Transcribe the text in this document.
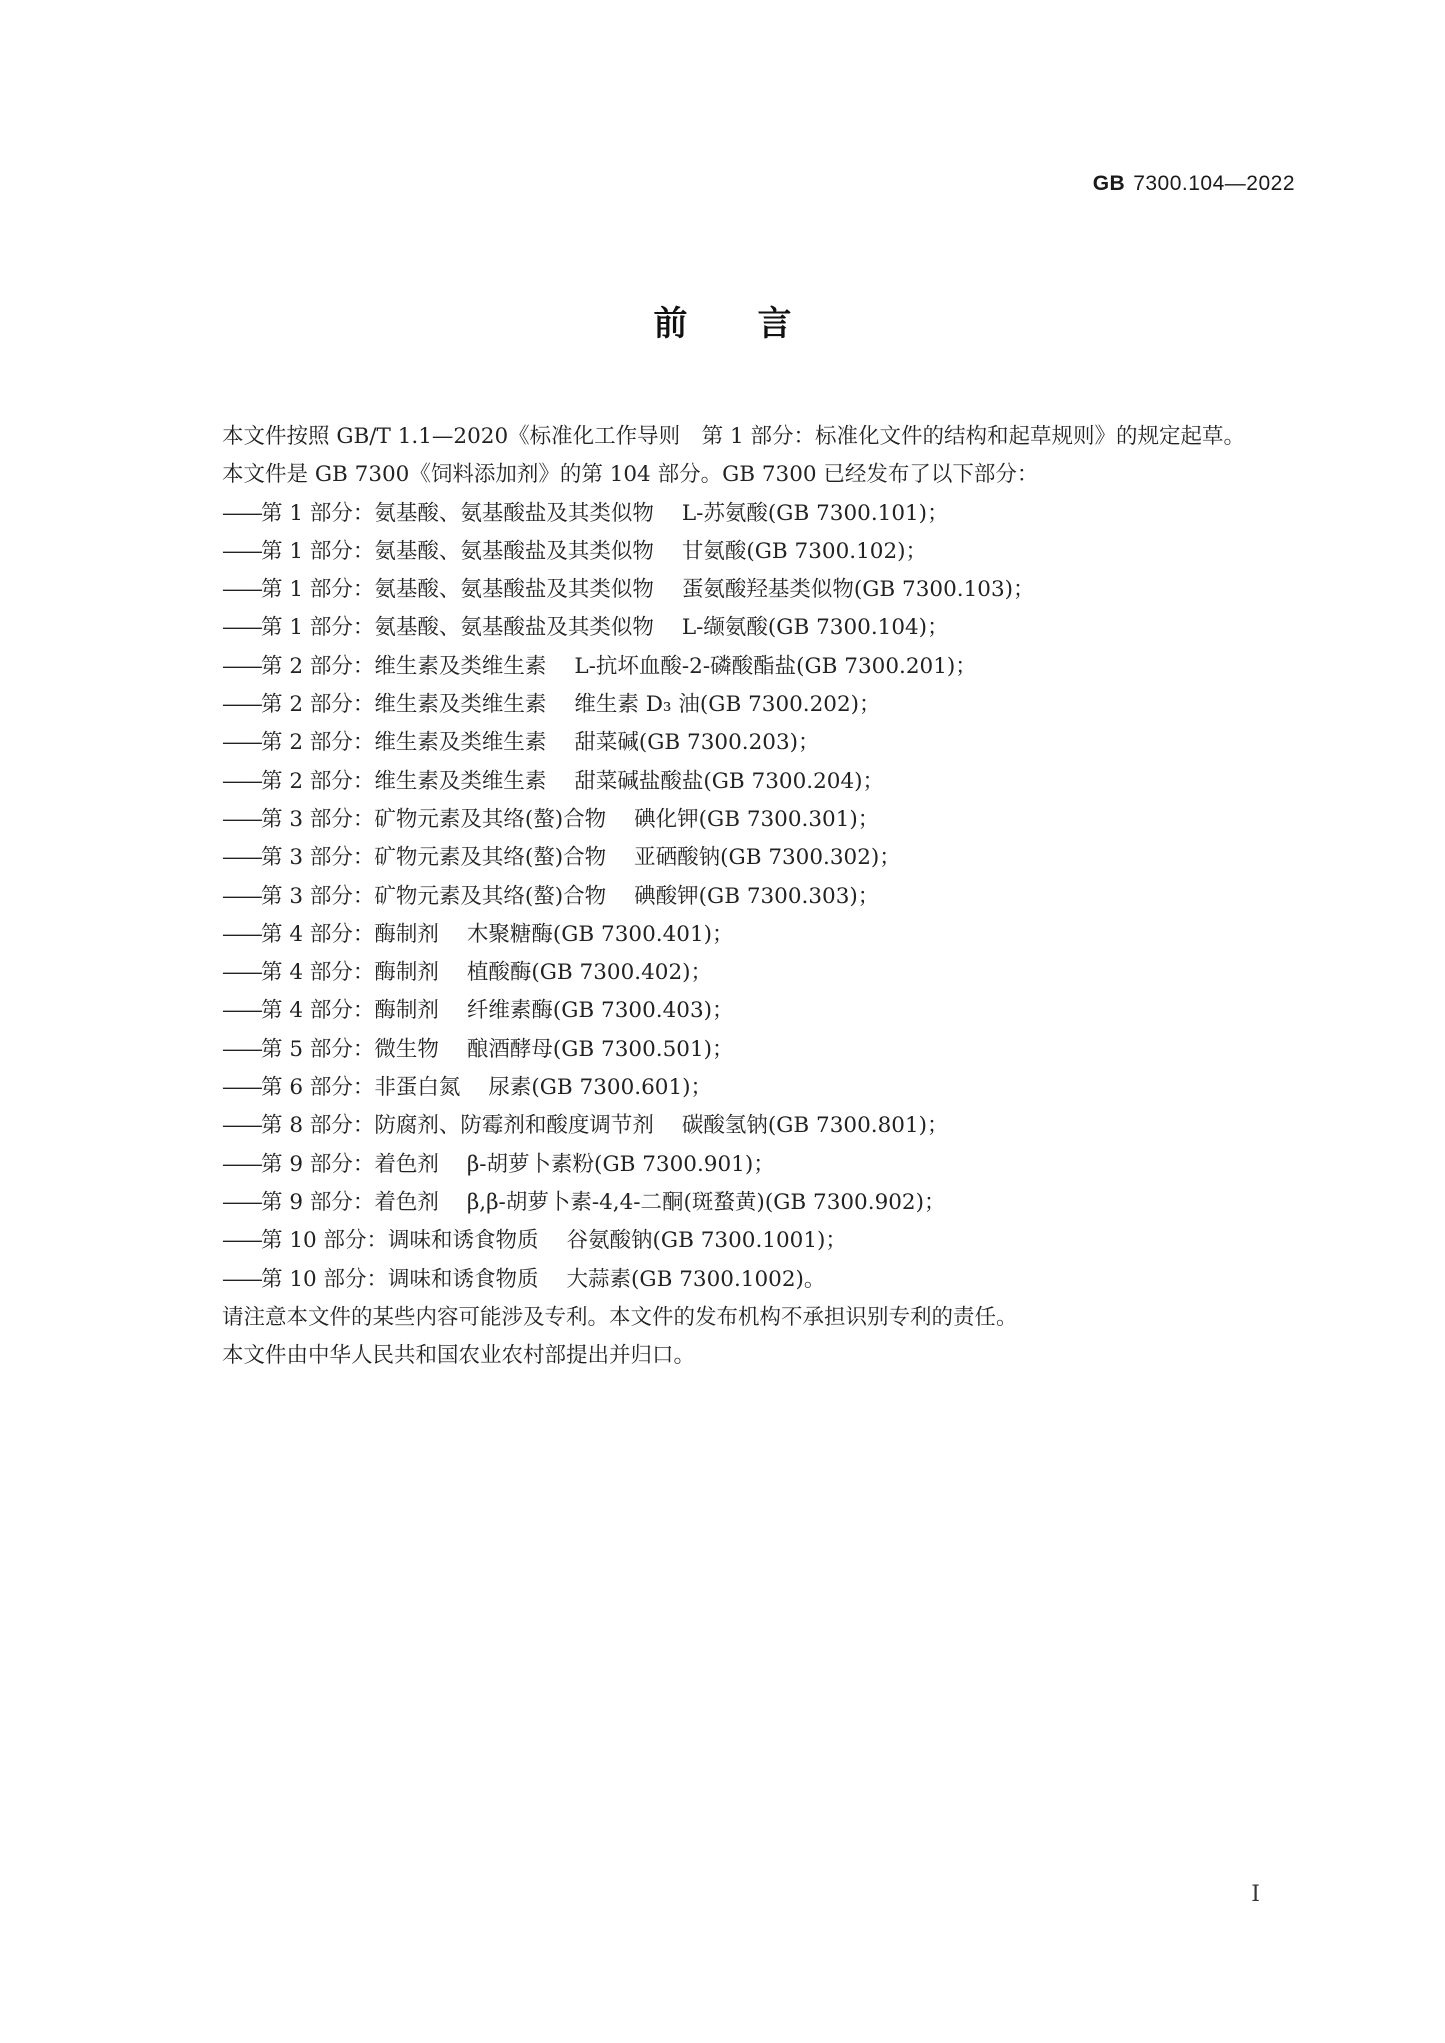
GB 7300.104—2022
前言

本文件按照 GB/T 1.1—2020《标准化工作导则　第 1 部分：标准化文件的结构和起草规则》的规定起草。

本文件是 GB 7300《饲料添加剂》的第 104 部分。GB 7300 已经发布了以下部分：

——第 1 部分：氨基酸、氨基酸盐及其类似物 L-苏氨酸(GB 7300.101)；
——第 1 部分：氨基酸、氨基酸盐及其类似物 甘氨酸(GB 7300.102)；
——第 1 部分：氨基酸、氨基酸盐及其类似物 蛋氨酸羟基类似物(GB 7300.103)；
——第 1 部分：氨基酸、氨基酸盐及其类似物 L-缬氨酸(GB 7300.104)；
——第 2 部分：维生素及类维生素 L-抗坏血酸-2-磷酸酯盐(GB 7300.201)；
——第 2 部分：维生素及类维生素 维生素 D₃ 油(GB 7300.202)；
——第 2 部分：维生素及类维生素 甜菜碱(GB 7300.203)；
——第 2 部分：维生素及类维生素 甜菜碱盐酸盐(GB 7300.204)；
——第 3 部分：矿物元素及其络(螯)合物 碘化钾(GB 7300.301)；
——第 3 部分：矿物元素及其络(螯)合物 亚硒酸钠(GB 7300.302)；
——第 3 部分：矿物元素及其络(螯)合物 碘酸钾(GB 7300.303)；
——第 4 部分：酶制剂 木聚糖酶(GB 7300.401)；
——第 4 部分：酶制剂 植酸酶(GB 7300.402)；
——第 4 部分：酶制剂 纤维素酶(GB 7300.403)；
——第 5 部分：微生物 酿酒酵母(GB 7300.501)；
——第 6 部分：非蛋白氮 尿素(GB 7300.601)；
——第 8 部分：防腐剂、防霉剂和酸度调节剂 碳酸氢钠(GB 7300.801)；
——第 9 部分：着色剂 β-胡萝卜素粉(GB 7300.901)；
——第 9 部分：着色剂 β,β-胡萝卜素-4,4-二酮(斑蝥黄)(GB 7300.902)；
——第 10 部分：调味和诱食物质 谷氨酸钠(GB 7300.1001)；
——第 10 部分：调味和诱食物质 大蒜素(GB 7300.1002)。

请注意本文件的某些内容可能涉及专利。本文件的发布机构不承担识别专利的责任。

本文件由中华人民共和国农业农村部提出并归口。

I
